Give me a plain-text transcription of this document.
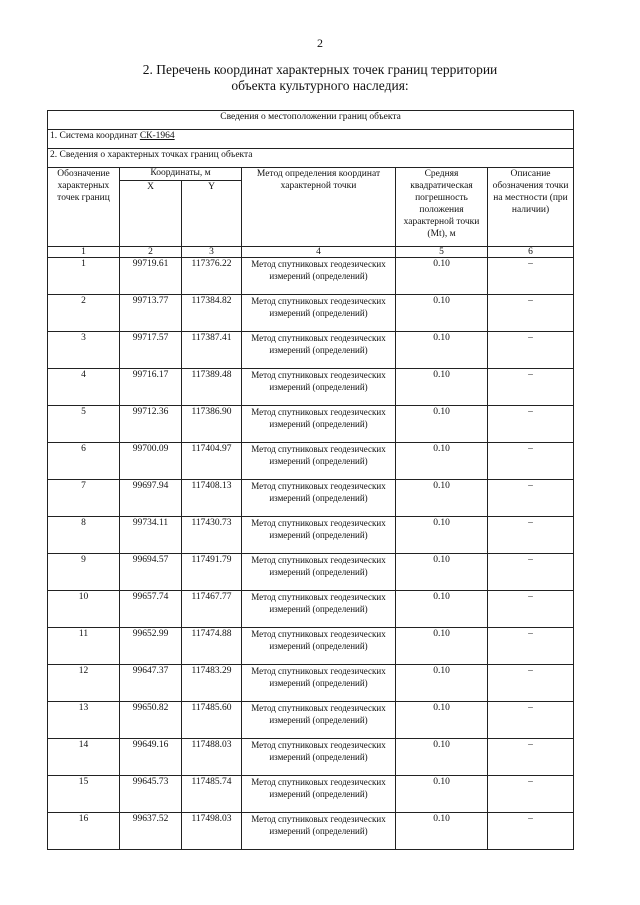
2
2. Перечень координат характерных точек границ территории
объекта культурного наследия:
Сведения о местоположении границ объекта					
1. Система координат СК-1964					
2. Сведения о характерных точках границ объекта					
Обозначение характерных точек границ	Координаты, м		Метод определения координат характерной точки	Средняя квадратическая погрешность положения характерной точки (Mt), м	Описание обозначения точки на местности (при наличии)
	X	Y			
1	2	3	4	5	6
1	99719.61	117376.22	Метод спутниковых геодезических измерений (определений)	0.10	–
2	99713.77	117384.82	Метод спутниковых геодезических измерений (определений)	0.10	–
3	99717.57	117387.41	Метод спутниковых геодезических измерений (определений)	0.10	–
4	99716.17	117389.48	Метод спутниковых геодезических измерений (определений)	0.10	–
5	99712.36	117386.90	Метод спутниковых геодезических измерений (определений)	0.10	–
6	99700.09	117404.97	Метод спутниковых геодезических измерений (определений)	0.10	–
7	99697.94	117408.13	Метод спутниковых геодезических измерений (определений)	0.10	–
8	99734.11	117430.73	Метод спутниковых геодезических измерений (определений)	0.10	–
9	99694.57	117491.79	Метод спутниковых геодезических измерений (определений)	0.10	–
10	99657.74	117467.77	Метод спутниковых геодезических измерений (определений)	0.10	–
11	99652.99	117474.88	Метод спутниковых геодезических измерений (определений)	0.10	–
12	99647.37	117483.29	Метод спутниковых геодезических измерений (определений)	0.10	–
13	99650.82	117485.60	Метод спутниковых геодезических измерений (определений)	0.10	–
14	99649.16	117488.03	Метод спутниковых геодезических измерений (определений)	0.10	–
15	99645.73	117485.74	Метод спутниковых геодезических измерений (определений)	0.10	–
16	99637.52	117498.03	Метод спутниковых геодезических измерений (определений)	0.10	–
